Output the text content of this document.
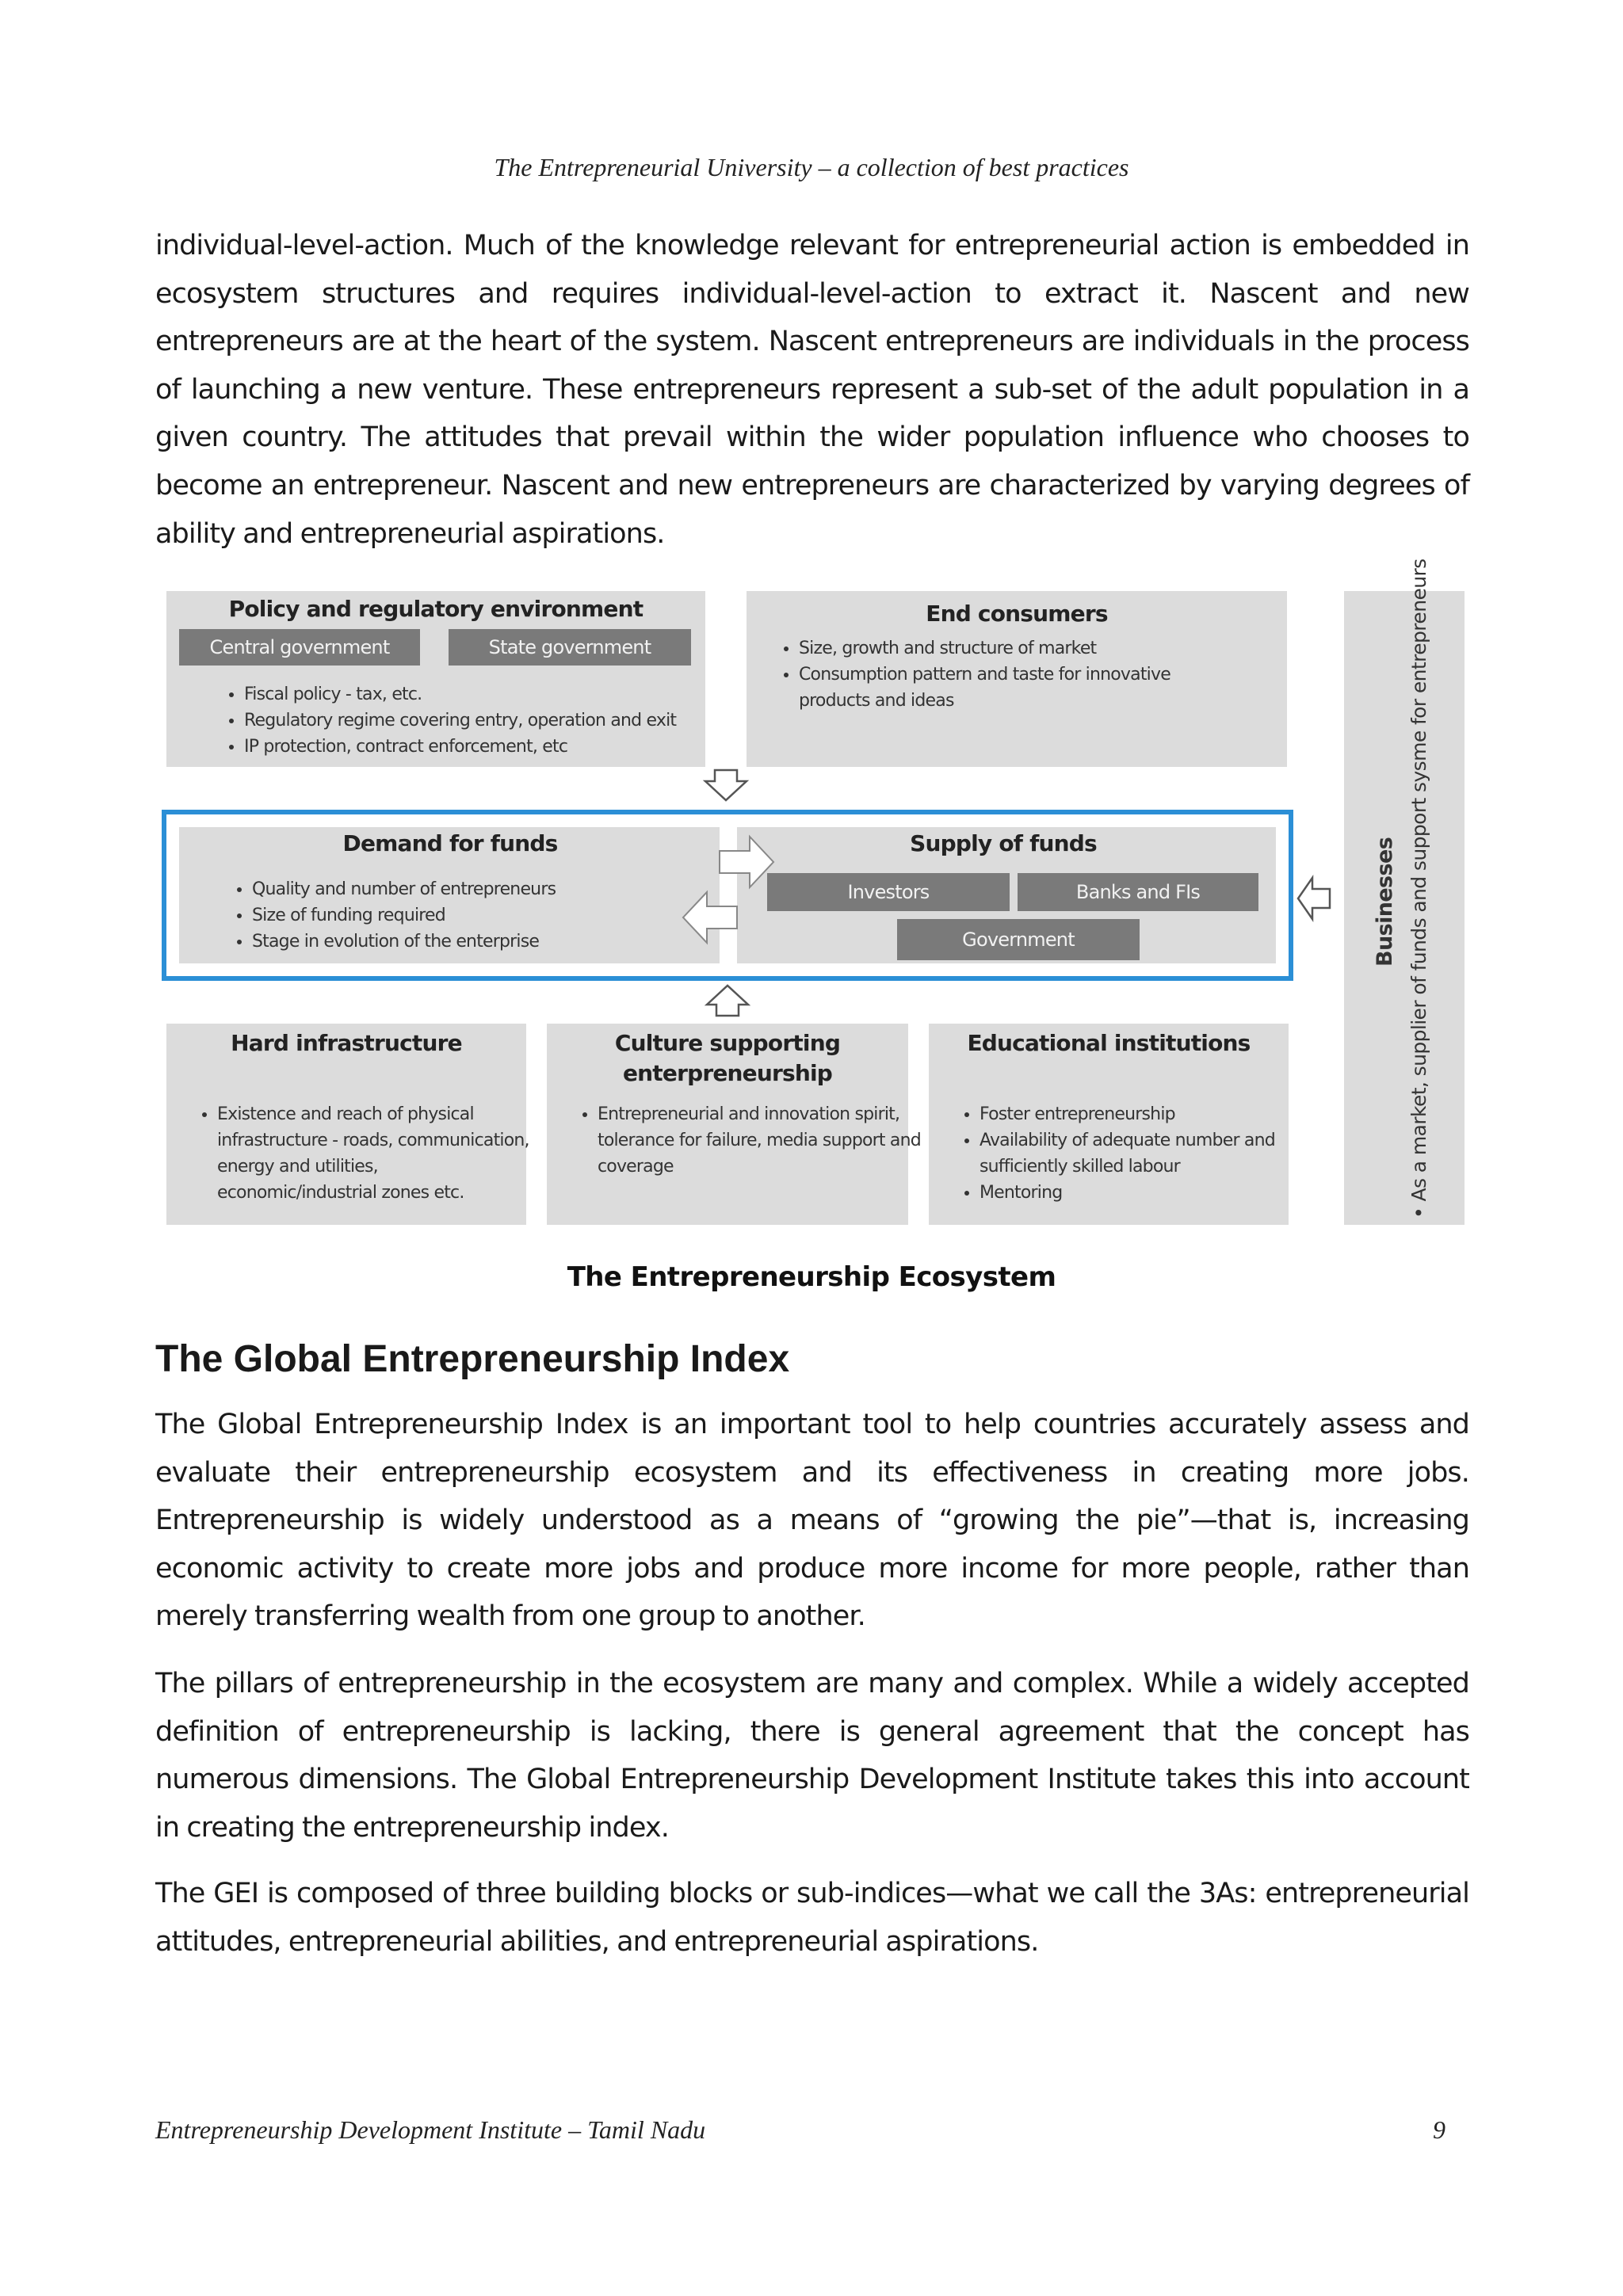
The Entrepreneurial University – a collection of best practices

individual-level-action. Much of the knowledge relevant for entrepreneurial action is embedded in ecosystem structures and requires individual-level-action to extract it. Nascent and new entrepreneurs are at the heart of the system. Nascent entrepreneurs are individuals in the process of launching a new venture. These entrepreneurs represent a sub-set of the adult population in a given country. The attitudes that prevail within the wider population influence who chooses to become an entrepreneur. Nascent and new entrepreneurs are characterized by varying degrees of ability and entrepreneurial aspirations.

Policy and regulatory environment

Central government	State government
• Fiscal policy - tax, etc.
• Regulatory regime covering entry, operation and exit
• IP protection, contract enforcement, etc

End consumers

• Size, growth and structure of market
• Consumption pattern and taste for innovative products and ideas

Demand for funds

• Quality and number of entrepreneurs
• Size of funding required
• Stage in evolution of the enterprise

Supply of funds

Investors	Banks and FIs
Government

Hard infrastructure

• Existence and reach of physical infrastructure - roads, communication, energy and utilities, economic/industrial zones etc.

Culture supporting

enterpreneurship

• Entrepreneurial and innovation spirit, tolerance for failure, media support and coverage

Educational institutions

• Foster entrepreneurship
• Availability of adequate number and sufficiently skilled labour
• Mentoring
Businesses
• As a market, supplier of funds and support sysme for entrepreneurs
The Entrepreneurship Ecosystem
The Global Entrepreneurship Index

The Global Entrepreneurship Index is an important tool to help countries accurately assess and evaluate their entrepreneurship ecosystem and its effectiveness in creating more jobs. Entrepreneurship is widely understood as a means of “growing the pie”—that is, increasing economic activity to create more jobs and produce more income for more people, rather than merely transferring wealth from one group to another.

The pillars of entrepreneurship in the ecosystem are many and complex. While a widely accepted definition of entrepreneurship is lacking, there is general agreement that the concept has numerous dimensions. The Global Entrepreneurship Development Institute takes this into account in creating the entrepreneurship index.

The GEI is composed of three building blocks or sub-indices—what we call the 3As: entrepreneurial attitudes, entrepreneurial abilities, and entrepreneurial aspirations.

Entrepreneurship Development Institute – Tamil Nadu	9
